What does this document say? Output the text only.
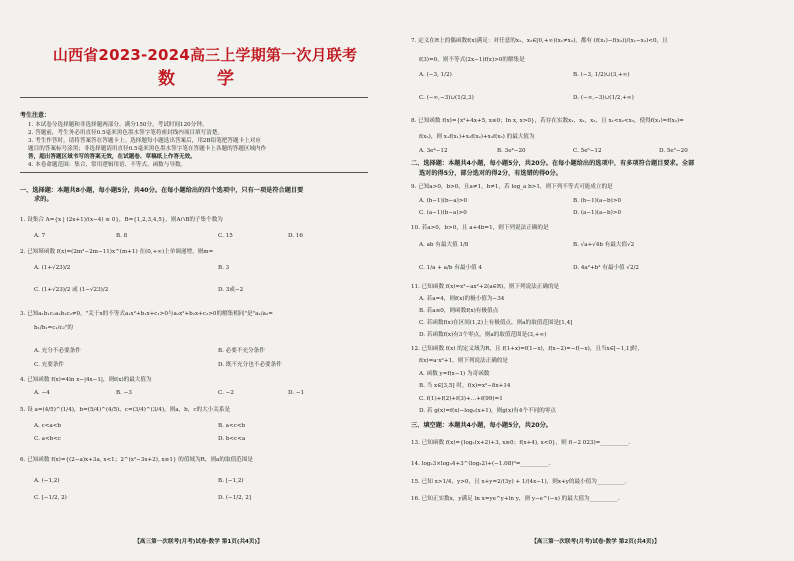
山西省2023-2024高三上学期第一次月联考
数 学
考生注意：
1. 本试卷分选择题和非选择题两部分。满分150分，考试时间120分钟。
2. 答题前，考生务必用直径0.5毫米黑色墨水签字笔将密封线内项目填写清楚。
3. 考生作答时，请将答案答在答题卡上。选择题每小题选出答案后，用2B铅笔把答题卡上对应
题目的答案标号涂黑；非选择题请用直径0.5毫米黑色墨水签字笔在答题卡上各题的答题区域内作
答，超出答题区域书写的答案无效，在试题卷、草稿纸上作答无效。
4. 本卷命题范围：集合、常用逻辑用语、不等式、函数与导数。
一、选择题：本题共8小题，每小题5分，共40分。在每小题给出的四个选项中，只有一项是符合题目要
求的。
1. 设集合 A={x | (2x+1)/(x−4) ≤ 0}，B={1,2,3,4,5}，则A∩B的子集个数为
A. 7	B. 8	C. 15	D. 16
2. 已知幂函数 f(x)=(2m²−2m−11)x^(m+1) 在(0,+∞)上单调递增，则m=
A. (1+√23)/2	B. 3
C. (1+√23)/2 或 (1−√23)/2	D. 3或−2
3. 已知a₁b₁c₁a₂b₂c₂≠0，"关于x的不等式a₁x²+b₁x+c₁>0与a₂x²+b₂x+c₂>0的解集相同"是"a₁/a₂=
b₁/b₂=c₁/c₂"的
A. 充分不必要条件	B. 必要不充分条件
C. 充要条件	D. 既不充分也不必要条件
4. 已知函数 f(x)=4ln x−|4x−1|，则f(x)的最大值为
A. −4	B. −3	C. −2	D. −1
5. 设 a=(4/5)^(1/4)，b=(5/4)^(4/5)，c=(3/4)^(3/4)，则a，b，c的大小关系是
A. c<a<b	B. a<c<b
C. a<b<c	D. b<c<a
6. 已知函数 f(x)={(2−a)x+3a, x<1；2^(x²−3x+2), x≥1} 的值域为R，则a的取值范围是
A. (−1,2)	B. [−1,2)
C. [−1/2, 2)	D. (−1/2, 2]
【高三第一次联考(月考)试卷·数学 第1页(共4页)】
7. 定义在R上的偶函数f(x)满足：对任意的x₁，x₂∈[0,+∞)(x₁≠x₂)，都有 (f(x₁)−f(x₂))/(x₁−x₂)<0，且
f(3)=0，则不等式(2x−1)f(x)>0的解集是
A. (−3, 1/2)	B. (−3, 1/2)∪(3,+∞)
C. (−∞,−3)∪(1/2,3)	D. (−∞,−3)∪(1/2,+∞)
8. 已知函数 f(x)={x²+4x+5, x≤0；ln x, x>0}，若存在实数x₁，x₂，x₃，且 x₁<x₂<x₃，使得f(x₁)=f(x₂)=
f(x₃)，则 x₁f(x₁)+x₂f(x₂)+x₃f(x₃) 的最大值为
A. 3e⁴−12	B. 3e⁴−20	C. 5e⁵−12	D. 5e⁵−20
二、选择题：本题共4小题，每小题5分，共20分。在每小题给出的选项中，有多项符合题目要求。全部
选对的得5分，部分选对的得2分，有选错的得0分。
9. 已知a>0，b>0，且a≠1，b≠1，若 log_a b>1，则下列不等式可能成立的是
A. (b−1)(b−a)>0	B. (b−1)(a−b)>0
C. (a−1)(b−a)>0	D. (a−1)(a−b)>0
10. 若a>0，b>0，且 a+4b=1，则下列说法正确的是
A. ab 有最大值 1/8	B. √a+√4b 有最大值√2
C. 1/a + a/b 有最小值 4	D. 4a²+b² 有最小值 √2/2
11. 已知函数 f(x)=x³−ax²+2(a∈R)，则下列说法正确的是
A. 若a=4，则f(x)的极小值为−34
B. 若a≤0，则函数f(x)有极值点
C. 若函数f(x)在区间(1,2)上有极值点，则a的取值范围是[1,4]
D. 若函数f(x)有3个零点，则a的取值范围是(3,+∞)
12. 已知函数 f(x) 的定义域为R，且 f(1+x)=f(1−x)，f(x−2)=−f(−x)，且当x∈[−1,1]时，
f(x)=a·x²+1，则下列说法正确的是
A. 函数 y=f(x−1) 为奇函数
B. 当 x∈[3,5] 时，f(x)=x²−8x+14
C. f(1)+f(2)+f(3)+…+f(99)=1
D. 若 g(x)=f(x)−log₅(x+1)，则g(x)有4个不同的零点
三、填空题：本题共4小题，每小题5分，共20分。
13. 已知函数 f(x)={log₂(x+2)+3, x≥0；f(x+4), x<0}，则 f(−2 023)=__________.
14. log₂3×log₃4+3^(log₃2)+(−1.08)⁰=__________.
15. 已知 x>1/4，y>0，且 x+y=2/(3y) + 1/(4x−1)，则x+y的最小值为__________.
16. 已知正实数x，y满足 ln x=ye^y+ln y，则 y−e^(−x) 的最大值为__________.
【高三第一次联考(月考)试卷·数学 第2页(共4页)】
